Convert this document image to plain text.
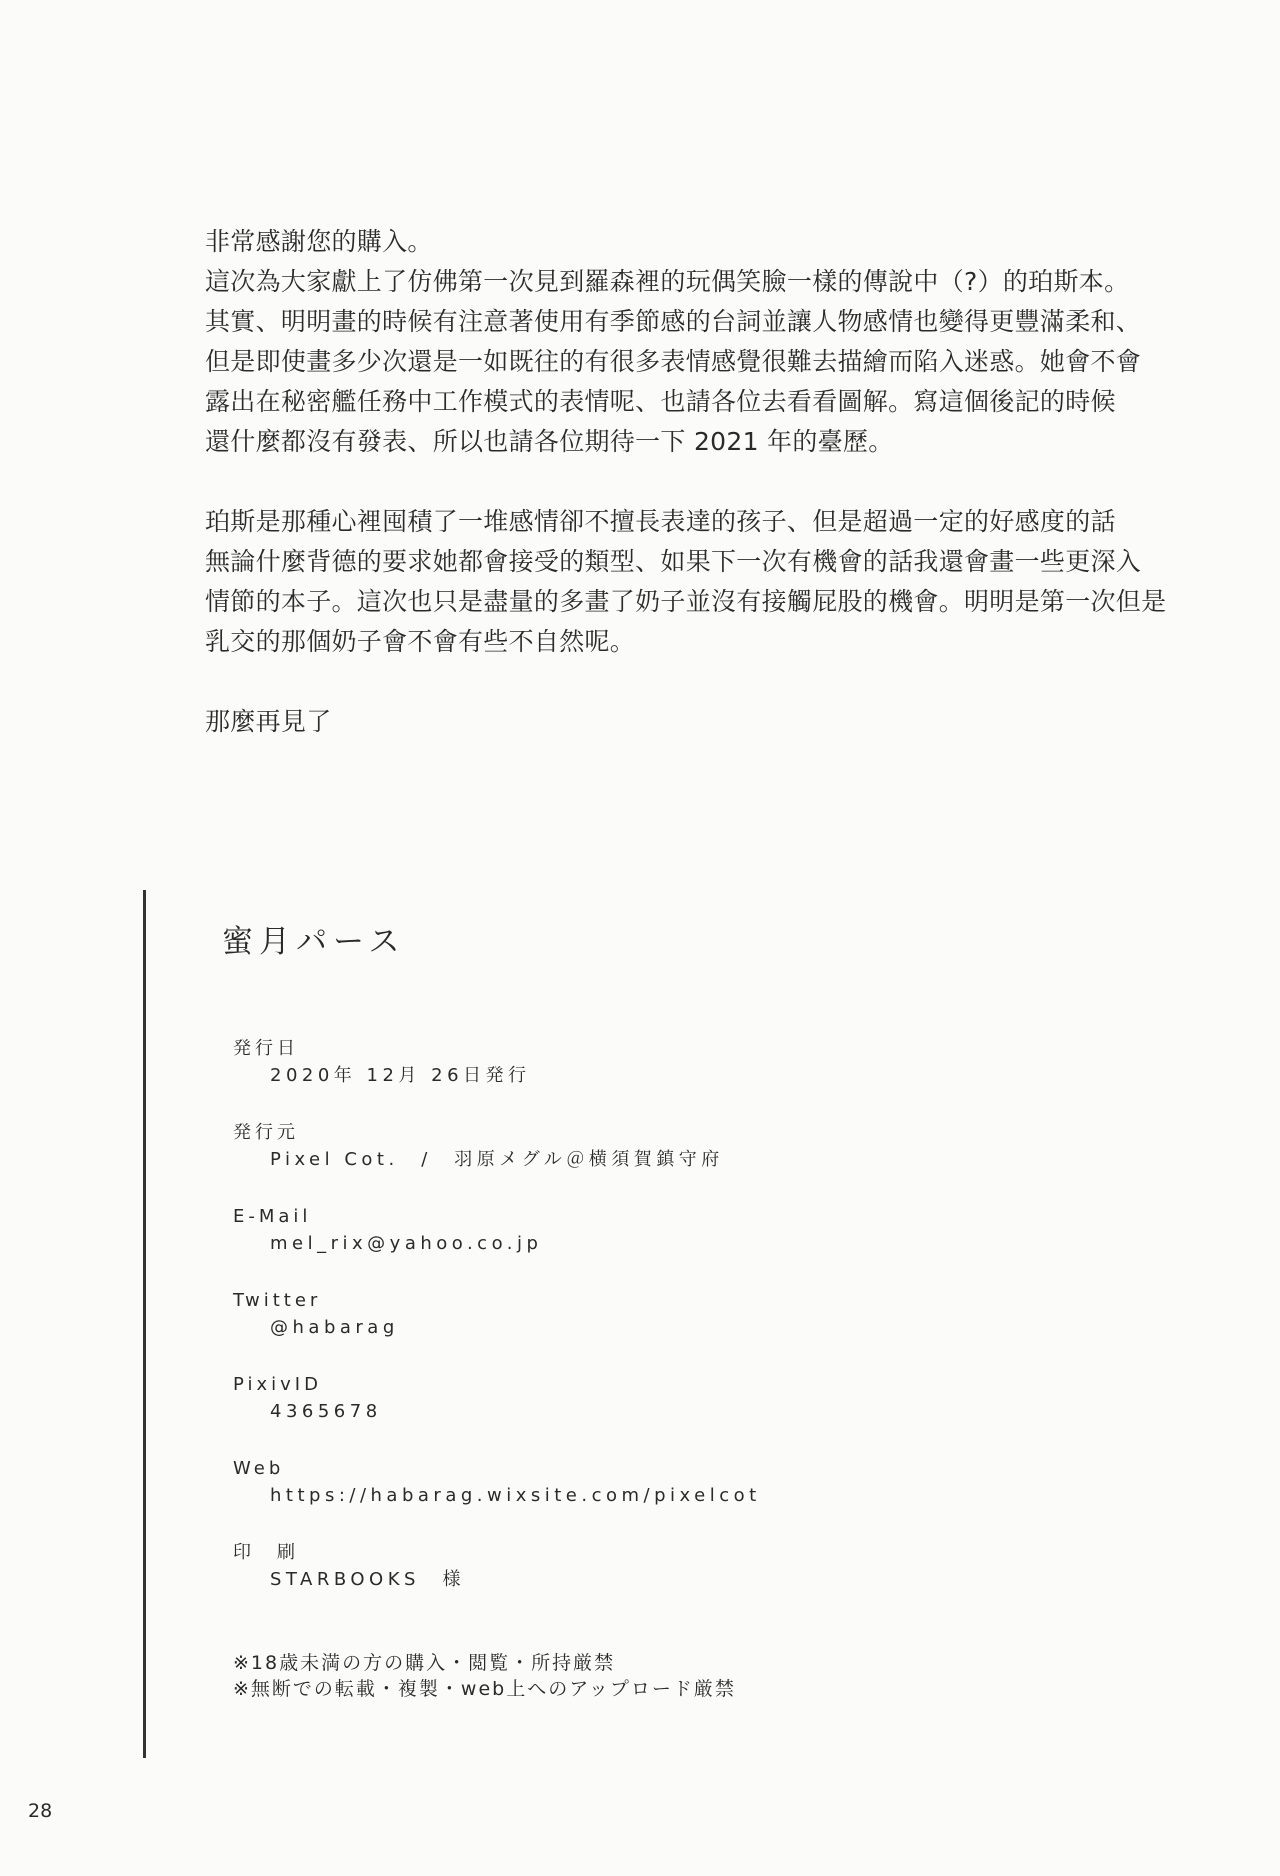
非常感謝您的購入。

這次為大家獻上了仿佛第一次見到羅森裡的玩偶笑臉一樣的傳說中（?）的珀斯本。

其實、明明畫的時候有注意著使用有季節感的台詞並讓人物感情也變得更豐滿柔和、

但是即使畫多少次還是一如既往的有很多表情感覺很難去描繪而陷入迷惑。她會不會

露出在秘密艦任務中工作模式的表情呢、也請各位去看看圖解。寫這個後記的時候

還什麼都沒有發表、所以也請各位期待一下 2021 年的臺歷。

珀斯是那種心裡囤積了一堆感情卻不擅長表達的孩子、但是超過一定的好感度的話

無論什麼背德的要求她都會接受的類型、如果下一次有機會的話我還會畫一些更深入

情節的本子。這次也只是盡量的多畫了奶子並沒有接觸屁股的機會。明明是第一次但是

乳交的那個奶子會不會有些不自然呢。

那麼再見了

蜜月パース

発行日

2020年 12月 26日発行

発行元

Pixel Cot.　/　羽原メグル＠横須賀鎮守府

E-Mail

mel_rix@yahoo.co.jp

Twitter

@habarag

PixivID

4365678

Web

https://habarag.wixsite.com/pixelcot

印　刷

STARBOOKS　様

※18歳未満の方の購入・閲覧・所持厳禁

※無断での転載・複製・web上へのアップロード厳禁

28
